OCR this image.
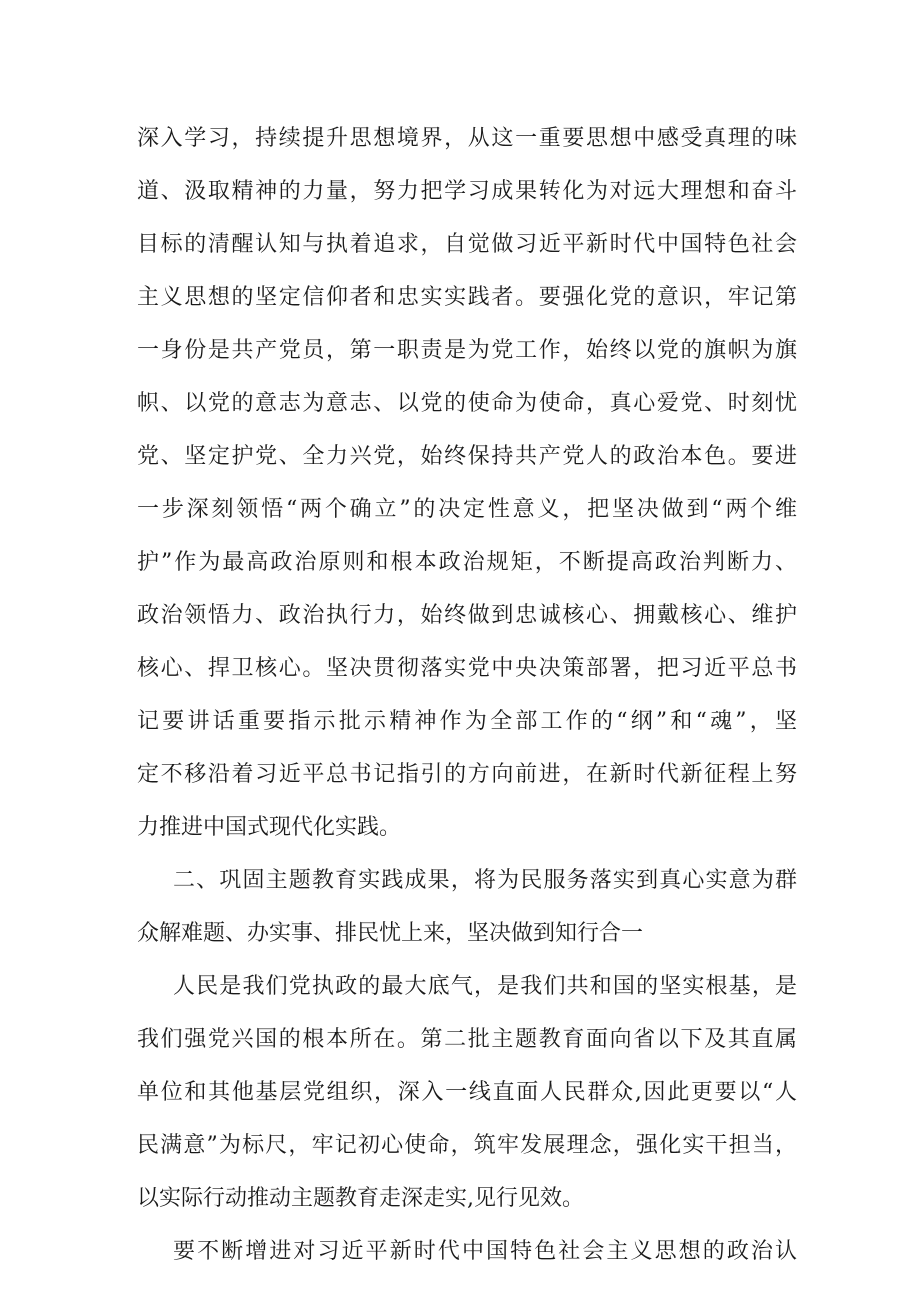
深入学习，持续提升思想境界，从这一重要思想中感受真理的味
道、汲取精神的力量，努力把学习成果转化为对远大理想和奋斗
目标的清醒认知与执着追求，自觉做习近平新时代中国特色社会
主义思想的坚定信仰者和忠实实践者。要强化党的意识，牢记第
一身份是共产党员，第一职责是为党工作，始终以党的旗帜为旗
帜、以党的意志为意志、以党的使命为使命，真心爱党、时刻忧
党、坚定护党、全力兴党，始终保持共产党人的政治本色。要进
一步深刻领悟“两个确立”的决定性意义，把坚决做到“两个维
护”作为最高政治原则和根本政治规矩，不断提高政治判断力、
政治领悟力、政治执行力，始终做到忠诚核心、拥戴核心、维护
核心、捍卫核心。坚决贯彻落实党中央决策部署，把习近平总书
记要讲话重要指示批示精神作为全部工作的“纲”和“魂”，坚
定不移沿着习近平总书记指引的方向前进，在新时代新征程上努
力推进中国式现代化实践。
二、巩固主题教育实践成果，将为民服务落实到真心实意为群
众解难题、办实事、排民忧上来，坚决做到知行合一
人民是我们党执政的最大底气，是我们共和国的坚实根基，是
我们强党兴国的根本所在。第二批主题教育面向省以下及其直属
单位和其他基层党组织，深入一线直面人民群众,因此更要以“人
民满意”为标尺，牢记初心使命，筑牢发展理念，强化实干担当，
以实际行动推动主题教育走深走实,见行见效。
要不断增进对习近平新时代中国特色社会主义思想的政治认
